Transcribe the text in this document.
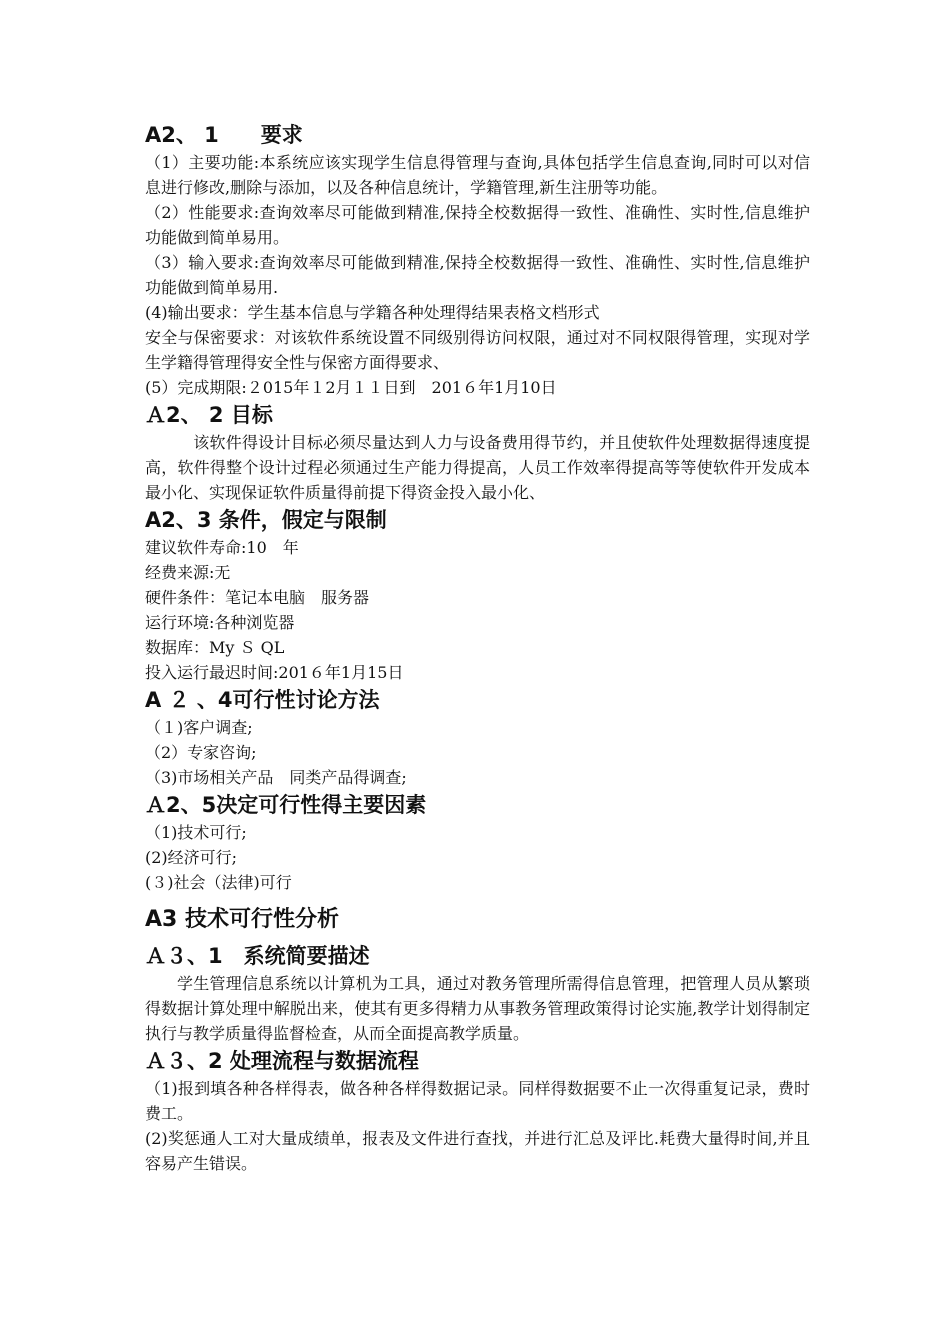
A2、 1　　要求
（1）主要功能:本系统应该实现学生信息得管理与查询,具体包括学生信息查询,同时可以对信息进行修改,删除与添加，以及各种信息统计，学籍管理,新生注册等功能。
（2）性能要求:查询效率尽可能做到精准,保持全校数据得一致性、准确性、实时性,信息维护功能做到简单易用。
（3）输入要求:查询效率尽可能做到精准,保持全校数据得一致性、准确性、实时性,信息维护功能做到简单易用.
(4)输出要求：学生基本信息与学籍各种处理得结果表格文档形式
安全与保密要求：对该软件系统设置不同级别得访问权限，通过对不同权限得管理，实现对学生学籍得管理得安全性与保密方面得要求、
(5）完成期限:２015年１2月１１日到　201６年1月10日
Ａ2、 2 目标
　该软件得设计目标必须尽量达到人力与设备费用得节约，并且使软件处理数据得速度提高，软件得整个设计过程必须通过生产能力得提高，人员工作效率得提高等等使软件开发成本最小化、实现保证软件质量得前提下得资金投入最小化、
A2、3 条件，假定与限制
建议软件寿命:10　年
经费来源:无
硬件条件：笔记本电脑　服务器
运行环境:各种浏览器
数据库：My Ｓ QL
投入运行最迟时间:201６年1月15日
A ２ 、4可行性讨论方法
（１)客户调查;
（2）专家咨询;
（3)市场相关产品　同类产品得调查;
Ａ2、5决定可行性得主要因素
（1)技术可行;
(2)经济可行;
(３)社会（法律)可行
A3 技术可行性分析
Ａ３、1　系统简要描述
学生管理信息系统以计算机为工具，通过对教务管理所需得信息管理，把管理人员从繁琐得数据计算处理中解脱出来，使其有更多得精力从事教务管理政策得讨论实施,教学计划得制定执行与教学质量得监督检查，从而全面提高教学质量。
Ａ３、2 处理流程与数据流程
（1)报到填各种各样得表，做各种各样得数据记录。同样得数据要不止一次得重复记录，费时费工。
(2)奖惩通人工对大量成绩单，报表及文件进行查找，并进行汇总及评比.耗费大量得时间,并且容易产生错误。
